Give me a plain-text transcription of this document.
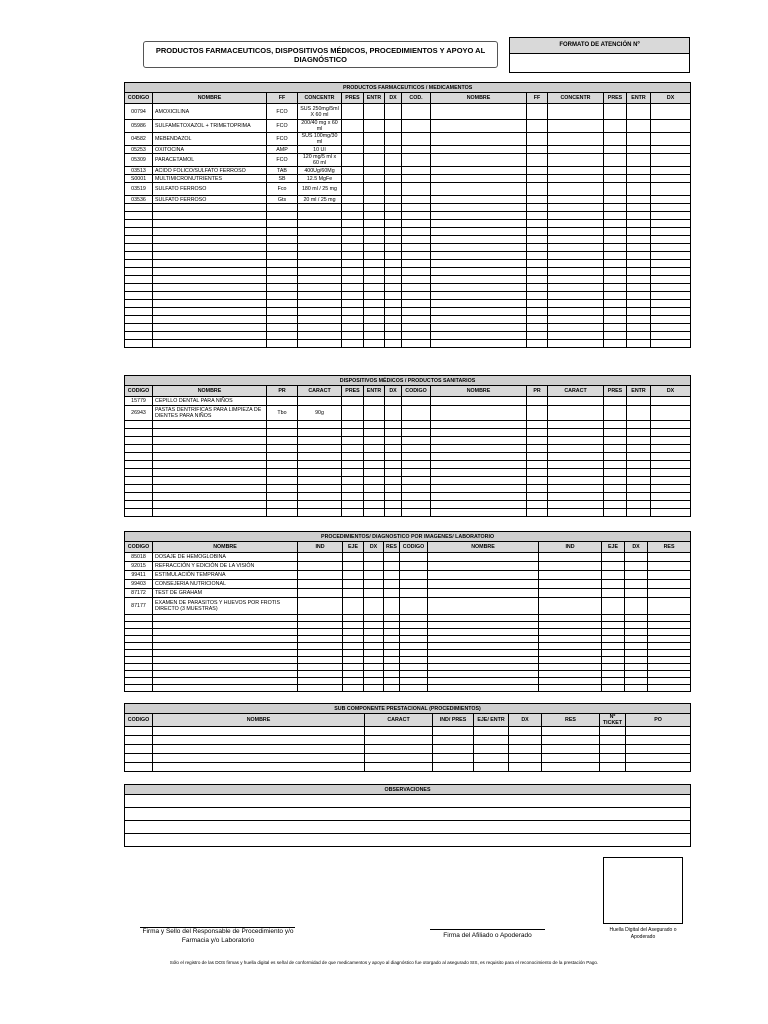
PRODUCTOS FARMACEUTICOS, DISPOSITIVOS MÉDICOS, PROCEDIMIENTOS Y APOYO AL DIAGNÓSTICO
FORMATO DE ATENCIÓN Nº
PRODUCTOS FARMACEUTICOS / MEDICAMENTOS													
CODIGO	NOMBRE	FF	CONCENTR	PRES	ENTR	DX	COD.	NOMBRE	FF	CONCENTR	PRES	ENTR	DX
00794	AMOXICILINA	FCO	SUS 250mg/5ml X 60 ml										
05986	SULFAMETOXAZOL + TRIMETOPRIMA	FCO	200/40 mg x 60 ml										
04582	MEBENDAZOL	FCO	SUS 100mg/30 ml										
05253	OXITOCINA	AMP	10 UI										
05309	PARACETAMOL	FCO	120 mg/5 ml x 60 ml										
03513	ACIDO FOLICO/SULFATO FERROSO	TAB	400Ug/60Mg										
S0001	MULTIMICRONUTRIENTES	SB	12.5 MgFe										
03519	SULFATO FERROSO	Fco	180 ml / 25 mg										
03536	SULFATO FERROSO	Gts	20 ml / 25 mg										

DISPOSITIVOS MÉDICOS / PRODUCTOS SANITARIOS													
CODIGO	NOMBRE	PR	CARACT	PRES	ENTR	DX	CODIGO	NOMBRE	PR	CARACT	PRES	ENTR	DX
15779	CEPILLO DENTAL PARA NIÑOS												
26943	PASTAS DENTRIFICAS PARA LIMPIEZA DE DIENTES PARA NIÑOS	Tbo	90g										

PROCEDIMIENTOS/ DIAGNOSTICO POR IMAGENES/ LABORATORIO											
CODIGO	NOMBRE	IND	EJE	DX	RES	CODIGO	NOMBRE	IND	EJE	DX	RES
85018	DOSAJE DE HEMOGLOBINA										
92015	REFRACCIÓN Y EDICIÓN DE LA VISIÓN										
99411	ESTIMULACIÓN TEMPRANA										
99403	CONSEJERIA NUTRICIONAL										
87172	TEST DE GRAHAM										
87177	EXAMEN DE PARASITOS Y HUEVOS POR FROTIS DIRECTO (3 MUESTRAS)										

SUB COMPONENTE PRESTACIONAL (PROCEDIMIENTOS)								
CODIGO	NOMBRE	CARACT	IND/ PRES	EJE/ ENTR	DX	RES	Nº TICKET	PO

OBSERVACIONES

Firma y Sello del Responsable de Procedimiento y/o Farmacia y/o Laboratorio
Firma del Afiliado o Apoderado
Huella Digital del Asegurado o Apoderado
Sólo el registro de las DOS firmas y huella digital es señal de conformidad de que medicamentos y apoyo al diagnóstico fue otorgado al asegurado SIS, es requisito para el reconocimiento de la prestación Pago.
